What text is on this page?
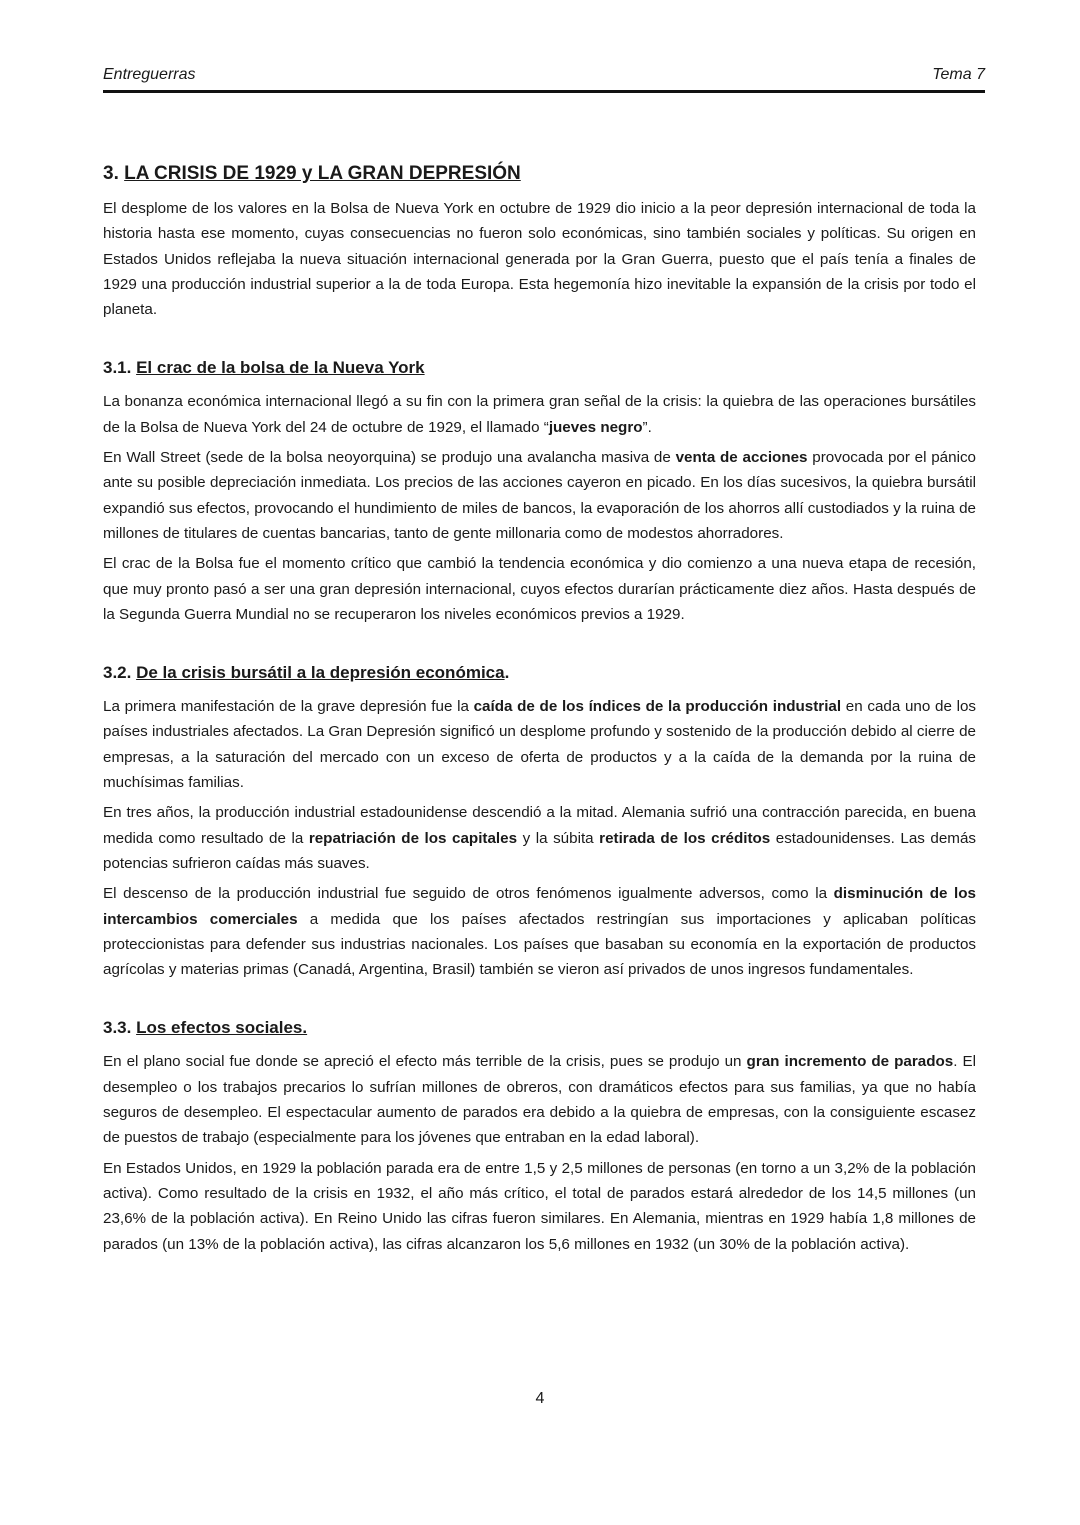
Entreguerras	Tema 7
3. LA CRISIS DE 1929 y LA GRAN DEPRESIÓN

El desplome de los valores en la Bolsa de Nueva York en octubre de 1929 dio inicio a la peor depresión internacional de toda la historia hasta ese momento, cuyas consecuencias no fueron solo económicas, sino también sociales y políticas. Su origen en Estados Unidos reflejaba la nueva situación internacional generada por la Gran Guerra, puesto que el país tenía a finales de 1929 una producción industrial superior a la de toda Europa. Esta hegemonía hizo inevitable la expansión de la crisis por todo el planeta.

3.1. El crac de la bolsa de la Nueva York

La bonanza económica internacional llegó a su fin con la primera gran señal de la crisis: la quiebra de las operaciones bursátiles de la Bolsa de Nueva York del 24 de octubre de 1929, el llamado “jueves negro”.

En Wall Street (sede de la bolsa neoyorquina) se produjo una avalancha masiva de venta de acciones provocada por el pánico ante su posible depreciación inmediata. Los precios de las acciones cayeron en picado. En los días sucesivos, la quiebra bursátil expandió sus efectos, provocando el hundimiento de miles de bancos, la evaporación de los ahorros allí custodiados y la ruina de millones de titulares de cuentas bancarias, tanto de gente millonaria como de modestos ahorradores.

El crac de la Bolsa fue el momento crítico que cambió la tendencia económica y dio comienzo a una nueva etapa de recesión, que muy pronto pasó a ser una gran depresión internacional, cuyos efectos durarían prácticamente diez años. Hasta después de la Segunda Guerra Mundial no se recuperaron los niveles económicos previos a 1929.

3.2. De la crisis bursátil a la depresión económica.

La primera manifestación de la grave depresión fue la caída de de los índices de la producción industrial en cada uno de los países industriales afectados. La Gran Depresión significó un desplome profundo y sostenido de la producción debido al cierre de empresas, a la saturación del mercado con un exceso de oferta de productos y a la caída de la demanda por la ruina de muchísimas familias.

En tres años, la producción industrial estadounidense descendió a la mitad. Alemania sufrió una contracción parecida, en buena medida como resultado de la repatriación de los capitales y la súbita retirada de los créditos estadounidenses. Las demás potencias sufrieron caídas más suaves.

El descenso de la producción industrial fue seguido de otros fenómenos igualmente adversos, como la disminución de los intercambios comerciales a medida que los países afectados restringían sus importaciones y aplicaban políticas proteccionistas para defender sus industrias nacionales. Los países que basaban su economía en la exportación de productos agrícolas y materias primas (Canadá, Argentina, Brasil) también se vieron así privados de unos ingresos fundamentales.

3.3. Los efectos sociales.

En el plano social fue donde se apreció el efecto más terrible de la crisis, pues se produjo un gran incremento de parados. El desempleo o los trabajos precarios lo sufrían millones de obreros, con dramáticos efectos para sus familias, ya que no había seguros de desempleo. El espectacular aumento de parados era debido a la quiebra de empresas, con la consiguiente escasez de puestos de trabajo (especialmente para los jóvenes que entraban en la edad laboral).

En Estados Unidos, en 1929 la población parada era de entre 1,5 y 2,5 millones de personas (en torno a un 3,2% de la población activa). Como resultado de la crisis en 1932, el año más crítico, el total de parados estará alrededor de los 14,5 millones (un 23,6% de la población activa). En Reino Unido las cifras fueron similares. En Alemania, mientras en 1929 había 1,8 millones de parados (un 13% de la población activa), las cifras alcanzaron los 5,6 millones en 1932 (un 30% de la población activa).

4
